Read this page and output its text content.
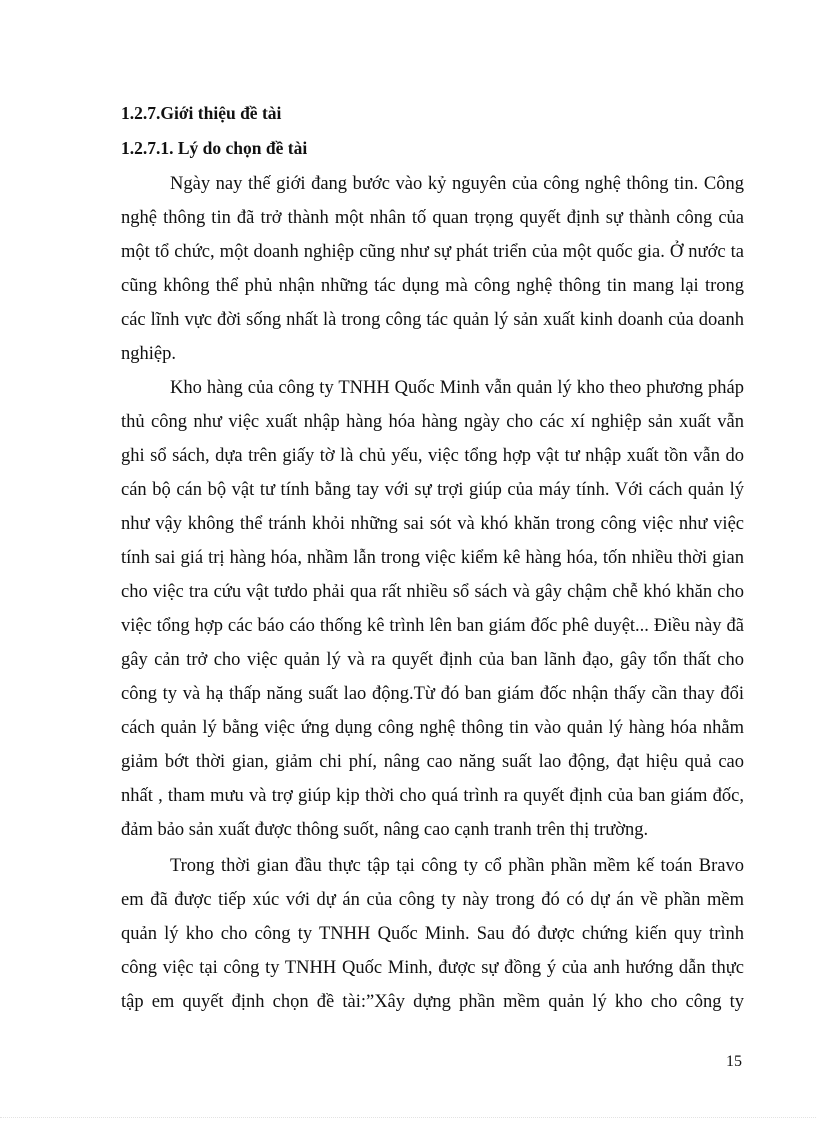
1.2.7.Giới thiệu đề tài
1.2.7.1. Lý do chọn đề tài
Ngày nay thế giới đang bước vào kỷ nguyên của công nghệ thông tin. Công
nghệ thông tin đã trở thành một nhân tố quan trọng quyết định sự thành công của
một tổ chức, một doanh nghiệp cũng như sự phát triển của một quốc gia. Ở nước ta
cũng không thể phủ nhận những tác dụng mà công nghệ thông tin mang lại trong
các lĩnh vực đời sống nhất là trong công tác quản lý sản xuất kinh doanh của doanh
nghiệp.
Kho hàng của công ty TNHH Quốc Minh vẫn quản lý kho theo phương pháp
thủ công như việc xuất nhập hàng hóa hàng ngày cho các xí nghiệp sản xuất vẫn
ghi sổ sách, dựa trên giấy tờ là chủ yếu, việc tổng hợp vật tư nhập xuất tồn vẫn do
cán bộ cán bộ vật tư tính bằng tay với sự trợi giúp của máy tính. Với cách quản lý
như vậy không thể tránh khỏi những sai sót và khó khăn trong công việc như việc
tính sai giá trị hàng hóa, nhầm lẫn trong việc kiểm kê hàng hóa, tốn nhiều thời gian
cho việc tra cứu vật tưdo phải qua rất nhiều sổ sách và gây chậm chễ khó khăn cho
việc tổng hợp các báo cáo thống kê trình lên ban giám đốc phê duyệt... Điều này đã
gây cản trở cho việc quản lý và ra quyết định của ban lãnh đạo, gây tổn thất cho
công ty và hạ thấp năng suất lao động.Từ đó ban giám đốc nhận thấy cần thay đổi
cách quản lý bằng việc ứng dụng công nghệ thông tin vào quản lý hàng hóa nhằm
giảm bớt thời gian, giảm chi phí, nâng cao năng suất lao động, đạt hiệu quả cao
nhất , tham mưu và trợ giúp kịp thời cho quá trình ra quyết định của ban giám đốc,
đảm bảo sản xuất được thông suốt, nâng cao cạnh tranh trên thị trường.
Trong thời gian đầu thực tập tại công ty cổ phần phần mềm kế toán Bravo
em đã được tiếp xúc với dự án của công ty này trong đó có dự án về phần mềm
quản lý kho cho công ty TNHH Quốc Minh. Sau đó được chứng kiến quy trình
công việc tại công ty TNHH Quốc Minh, được sự đồng ý của anh hướng dẫn thực
tập em quyết định chọn đề tài:”Xây dựng phần mềm quản lý kho cho công ty
15
